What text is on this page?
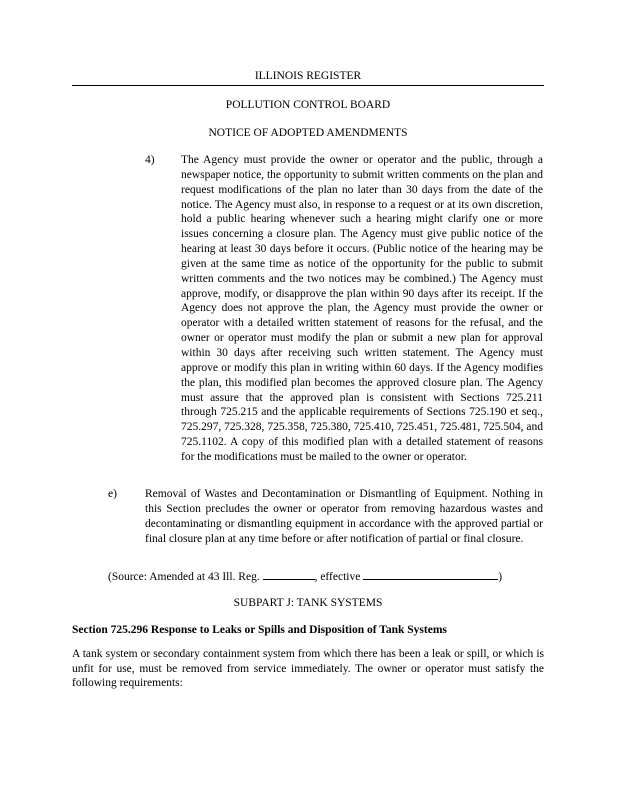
ILLINOIS REGISTER
POLLUTION CONTROL BOARD
NOTICE OF ADOPTED AMENDMENTS
4) The Agency must provide the owner or operator and the public, through a newspaper notice, the opportunity to submit written comments on the plan and request modifications of the plan no later than 30 days from the date of the notice. The Agency must also, in response to a request or at its own discretion, hold a public hearing whenever such a hearing might clarify one or more issues concerning a closure plan. The Agency must give public notice of the hearing at least 30 days before it occurs. (Public notice of the hearing may be given at the same time as notice of the opportunity for the public to submit written comments and the two notices may be combined.) The Agency must approve, modify, or disapprove the plan within 90 days after its receipt. If the Agency does not approve the plan, the Agency must provide the owner or operator with a detailed written statement of reasons for the refusal, and the owner or operator must modify the plan or submit a new plan for approval within 30 days after receiving such written statement. The Agency must approve or modify this plan in writing within 60 days. If the Agency modifies the plan, this modified plan becomes the approved closure plan. The Agency must assure that the approved plan is consistent with Sections 725.211 through 725.215 and the applicable requirements of Sections 725.190 et seq., 725.297, 725.328, 725.358, 725.380, 725.410, 725.451, 725.481, 725.504, and 725.1102. A copy of this modified plan with a detailed statement of reasons for the modifications must be mailed to the owner or operator.
e) Removal of Wastes and Decontamination or Dismantling of Equipment. Nothing in this Section precludes the owner or operator from removing hazardous wastes and decontaminating or dismantling equipment in accordance with the approved partial or final closure plan at any time before or after notification of partial or final closure.
(Source: Amended at 43 Ill. Reg.	, effective	)
SUBPART J: TANK SYSTEMS
Section 725.296 Response to Leaks or Spills and Disposition of Tank Systems
A tank system or secondary containment system from which there has been a leak or spill, or which is unfit for use, must be removed from service immediately. The owner or operator must satisfy the following requirements:
